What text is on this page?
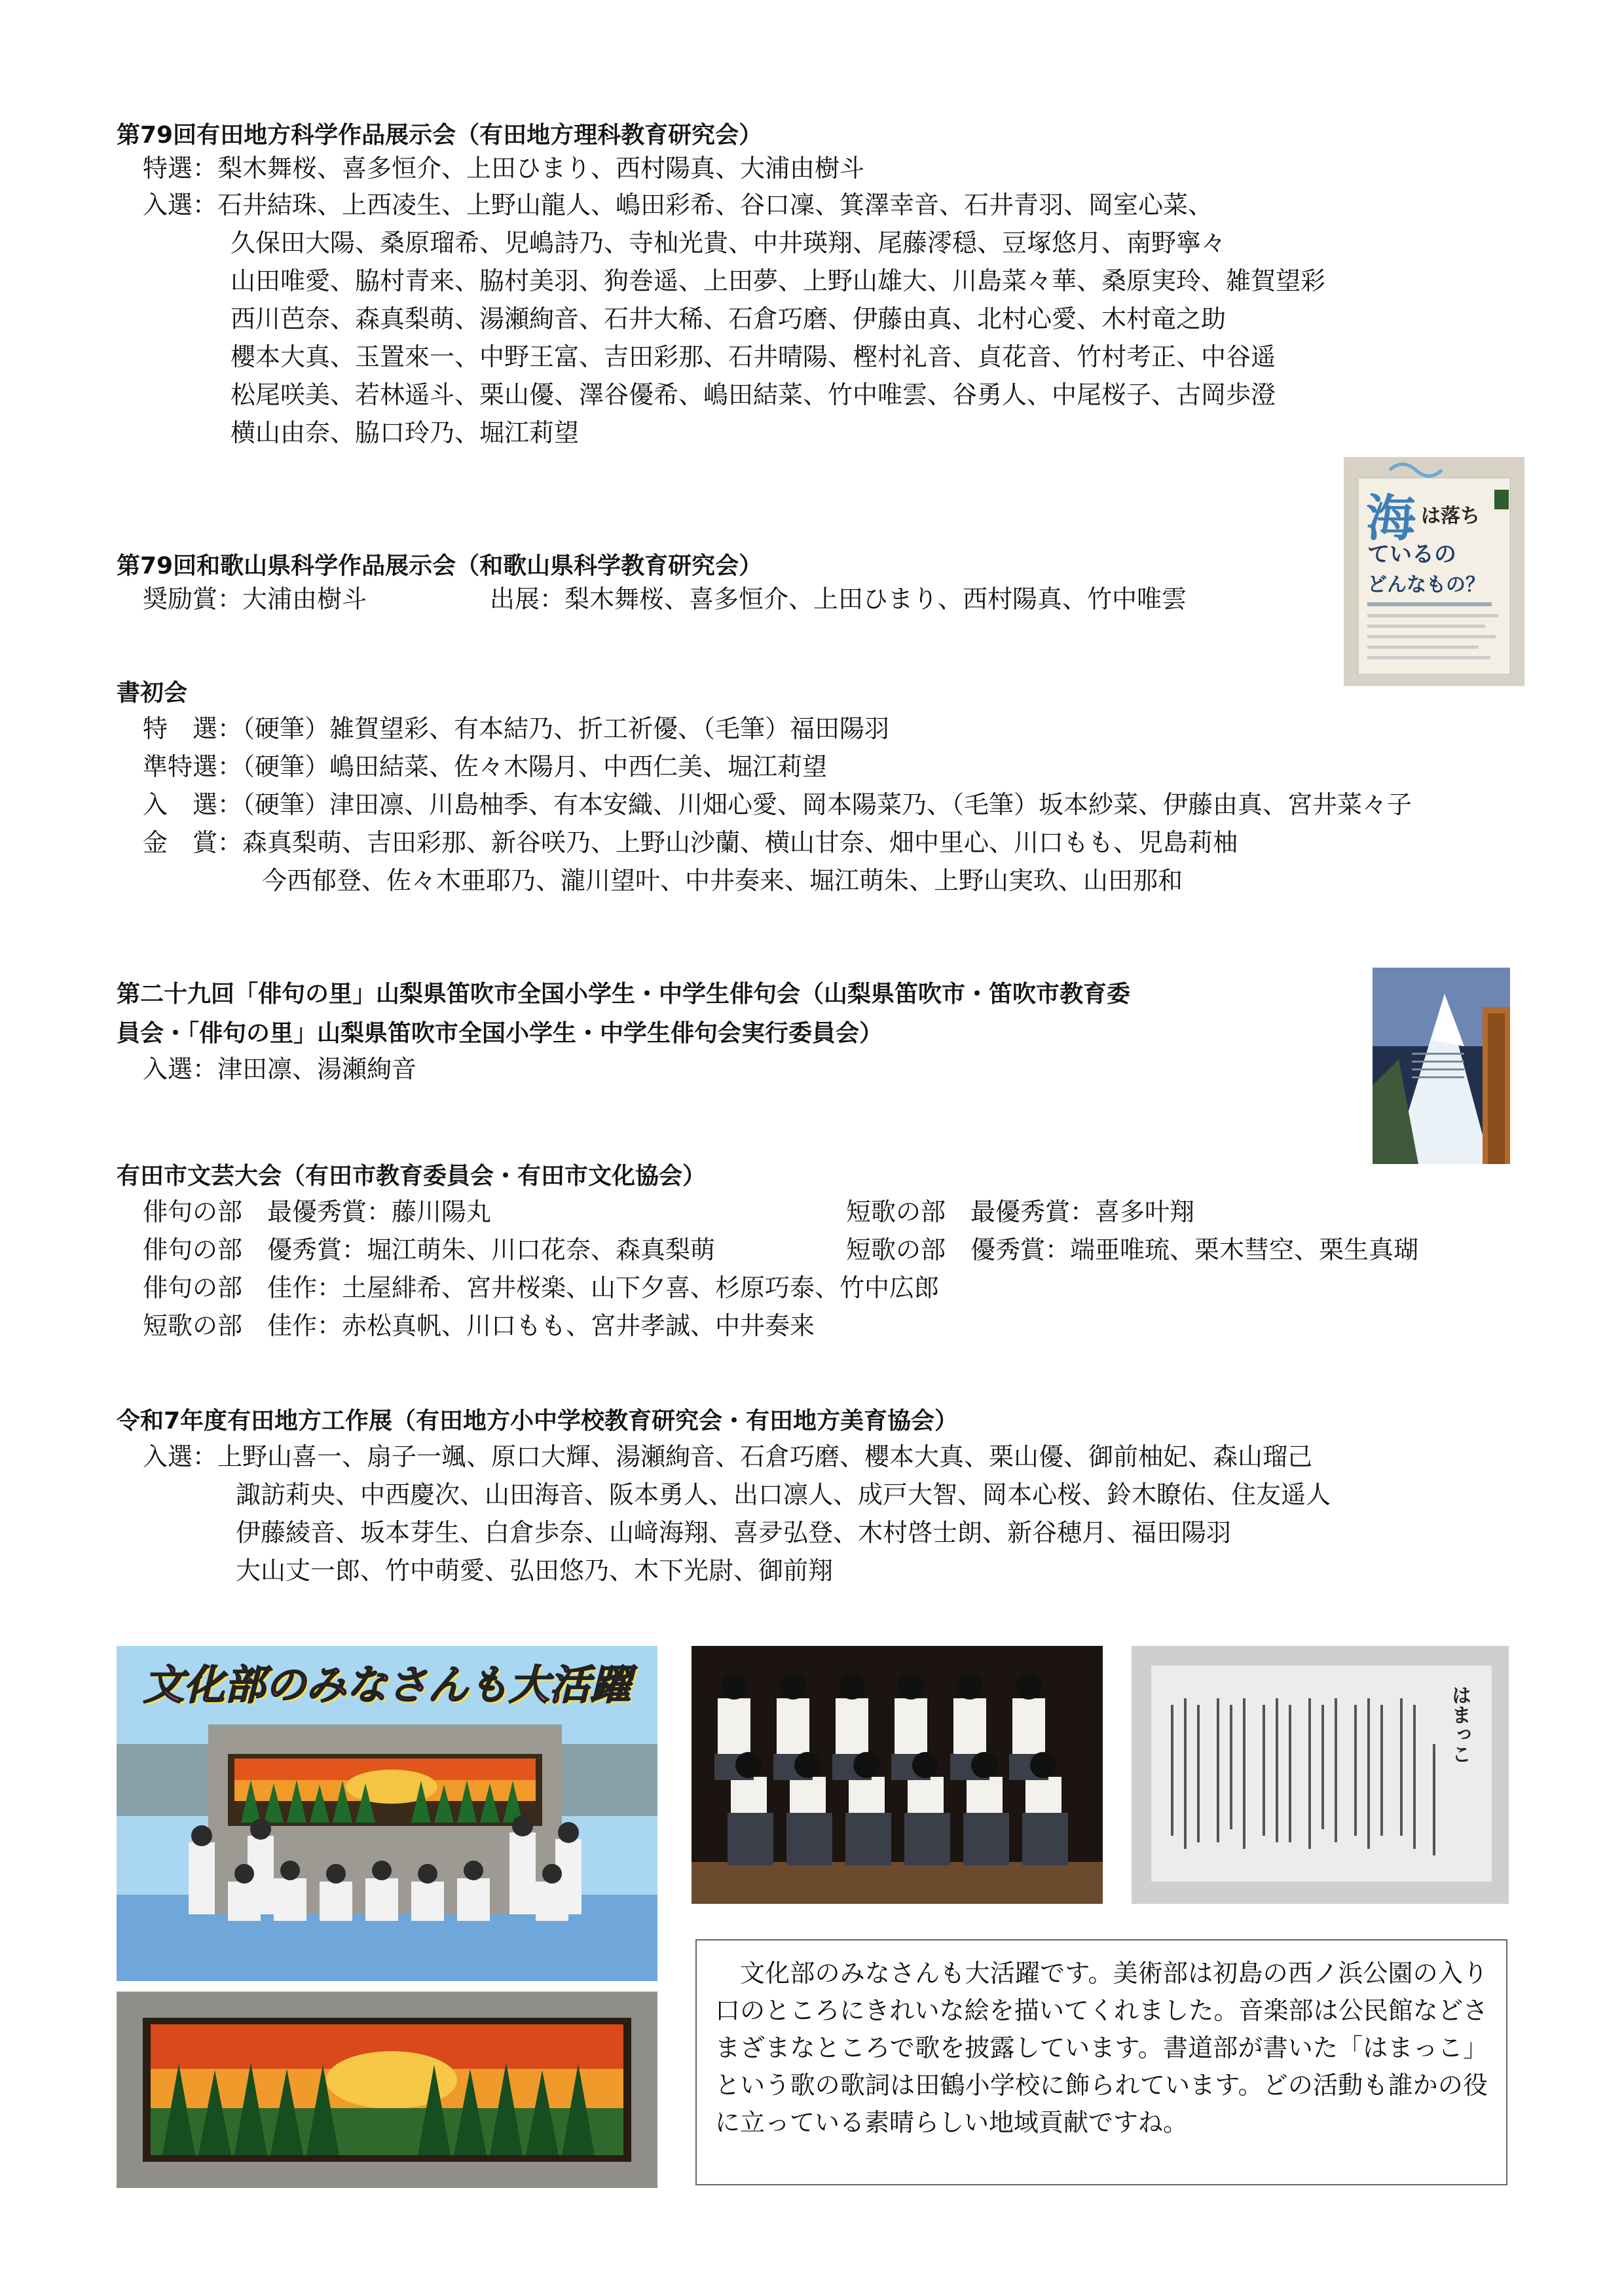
第79回有田地方科学作品展示会（有田地方理科教育研究会）
特選：梨木舞桜、喜多恒介、上田ひまり、西村陽真、大浦由樹斗
入選：石井結珠、上西凌生、上野山龍人、嶋田彩希、谷口凜、箕澤幸音、石井青羽、岡室心菜、
久保田大陽、桑原瑠希、児嶋詩乃、寺杣光貴、中井瑛翔、尾藤澪穏、豆塚悠月、南野寧々
山田唯愛、脇村青来、脇村美羽、狗巻遥、上田夢、上野山雄大、川島菜々華、桑原実玲、雑賀望彩
西川芭奈、森真梨萌、湯瀬絢音、石井大稀、石倉巧磨、伊藤由真、北村心愛、木村竜之助
櫻本大真、玉置來一、中野王富、吉田彩那、石井晴陽、樫村礼音、貞花音、竹村考正、中谷遥
松尾咲美、若林遥斗、栗山優、澤谷優希、嶋田結菜、竹中唯雲、谷勇人、中尾桜子、古岡歩澄
横山由奈、脇口玲乃、堀江莉望
海 は落ち
ているの
どんなもの？
第79回和歌山県科学作品展示会（和歌山県科学教育研究会）
奨励賞：大浦由樹斗	出展：梨木舞桜、喜多恒介、上田ひまり、西村陽真、竹中唯雲
書初会
特　選：（硬筆）雑賀望彩、有本結乃、折工祈優、（毛筆）福田陽羽
準特選：（硬筆）嶋田結菜、佐々木陽月、中西仁美、堀江莉望
入　選：（硬筆）津田凛、川島柚季、有本安織、川畑心愛、岡本陽菜乃、（毛筆）坂本紗菜、伊藤由真、宮井菜々子
金　賞：森真梨萌、吉田彩那、新谷咲乃、上野山沙蘭、横山甘奈、畑中里心、川口もも、児島莉柚
今西郁登、佐々木亜耶乃、瀧川望叶、中井奏来、堀江萌朱、上野山実玖、山田那和
第二十九回「俳句の里」山梨県笛吹市全国小学生・中学生俳句会（山梨県笛吹市・笛吹市教育委
員会・「俳句の里」山梨県笛吹市全国小学生・中学生俳句会実行委員会）
入選：津田凛、湯瀬絢音
有田市文芸大会（有田市教育委員会・有田市文化協会）
俳句の部　最優秀賞：藤川陽丸	短歌の部　最優秀賞：喜多叶翔
俳句の部　優秀賞：堀江萌朱、川口花奈、森真梨萌	短歌の部　優秀賞：端亜唯琉、栗木彗空、栗生真瑚
俳句の部　佳作：土屋緋希、宮井桜楽、山下夕喜、杉原巧泰、竹中広郎
短歌の部　佳作：赤松真帆、川口もも、宮井孝誠、中井奏来
令和7年度有田地方工作展（有田地方小中学校教育研究会・有田地方美育協会）
入選：上野山喜一、扇子一颯、原口大輝、湯瀬絢音、石倉巧磨、櫻本大真、栗山優、御前柚妃、森山瑠己
諏訪莉央、中西慶次、山田海音、阪本勇人、出口凛人、成戸大智、岡本心桜、鈴木瞭佑、住友遥人
伊藤綾音、坂本芽生、白倉歩奈、山﨑海翔、喜夛弘登、木村啓士朗、新谷穂月、福田陽羽
大山丈一郎、竹中萌愛、弘田悠乃、木下光尉、御前翔
文化部のみなさんも大活躍
はまっこ

文化部のみなさんも大活躍です。美術部は初島の西ノ浜公園の入り口のところにきれいな絵を描いてくれました。音楽部は公民館などさまざまなところで歌を披露しています。書道部が書いた「はまっこ」という歌の歌詞は田鶴小学校に飾られています。どの活動も誰かの役に立っている素晴らしい地域貢献ですね。
